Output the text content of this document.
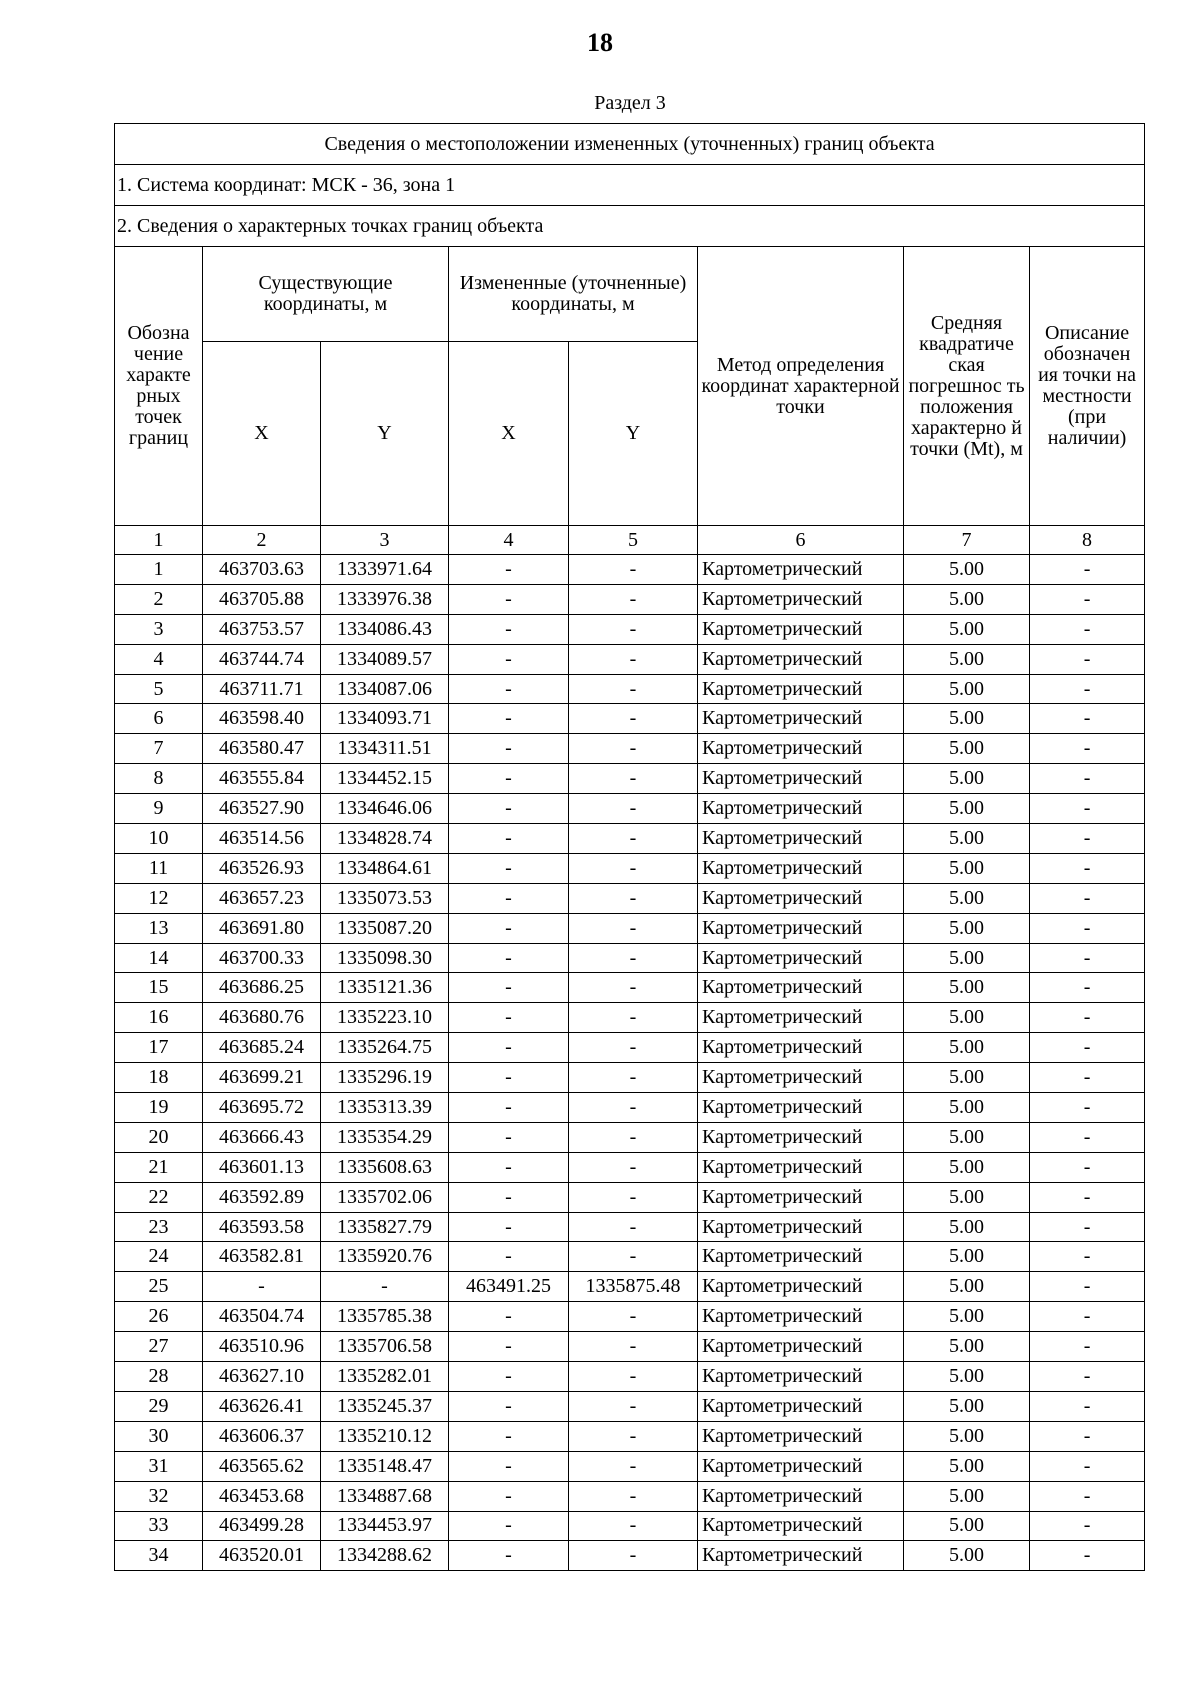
18
Раздел 3
Сведения о местоположении измененных (уточненных) границ объекта							
1. Система координат: МСК - 36, зона 1							
2. Сведения о характерных точках границ объекта							
Обозна чение характе рных точек границ	Существующие координаты, м		Измененные (уточненные) координаты, м		Метод определения координат характерной точки	Средняя квадратиче ская погрешнос ть положения характерно й точки (Mt), м	Описание обозначен ия точки на местности (при наличии)
	X	Y	X	Y			
1	2	3	4	5	6	7	8
1	463703.63	1333971.64	-	-	Картометрический	5.00	-
2	463705.88	1333976.38	-	-	Картометрический	5.00	-
3	463753.57	1334086.43	-	-	Картометрический	5.00	-
4	463744.74	1334089.57	-	-	Картометрический	5.00	-
5	463711.71	1334087.06	-	-	Картометрический	5.00	-
6	463598.40	1334093.71	-	-	Картометрический	5.00	-
7	463580.47	1334311.51	-	-	Картометрический	5.00	-
8	463555.84	1334452.15	-	-	Картометрический	5.00	-
9	463527.90	1334646.06	-	-	Картометрический	5.00	-
10	463514.56	1334828.74	-	-	Картометрический	5.00	-
11	463526.93	1334864.61	-	-	Картометрический	5.00	-
12	463657.23	1335073.53	-	-	Картометрический	5.00	-
13	463691.80	1335087.20	-	-	Картометрический	5.00	-
14	463700.33	1335098.30	-	-	Картометрический	5.00	-
15	463686.25	1335121.36	-	-	Картометрический	5.00	-
16	463680.76	1335223.10	-	-	Картометрический	5.00	-
17	463685.24	1335264.75	-	-	Картометрический	5.00	-
18	463699.21	1335296.19	-	-	Картометрический	5.00	-
19	463695.72	1335313.39	-	-	Картометрический	5.00	-
20	463666.43	1335354.29	-	-	Картометрический	5.00	-
21	463601.13	1335608.63	-	-	Картометрический	5.00	-
22	463592.89	1335702.06	-	-	Картометрический	5.00	-
23	463593.58	1335827.79	-	-	Картометрический	5.00	-
24	463582.81	1335920.76	-	-	Картометрический	5.00	-
25	-	-	463491.25	1335875.48	Картометрический	5.00	-
26	463504.74	1335785.38	-	-	Картометрический	5.00	-
27	463510.96	1335706.58	-	-	Картометрический	5.00	-
28	463627.10	1335282.01	-	-	Картометрический	5.00	-
29	463626.41	1335245.37	-	-	Картометрический	5.00	-
30	463606.37	1335210.12	-	-	Картометрический	5.00	-
31	463565.62	1335148.47	-	-	Картометрический	5.00	-
32	463453.68	1334887.68	-	-	Картометрический	5.00	-
33	463499.28	1334453.97	-	-	Картометрический	5.00	-
34	463520.01	1334288.62	-	-	Картометрический	5.00	-
